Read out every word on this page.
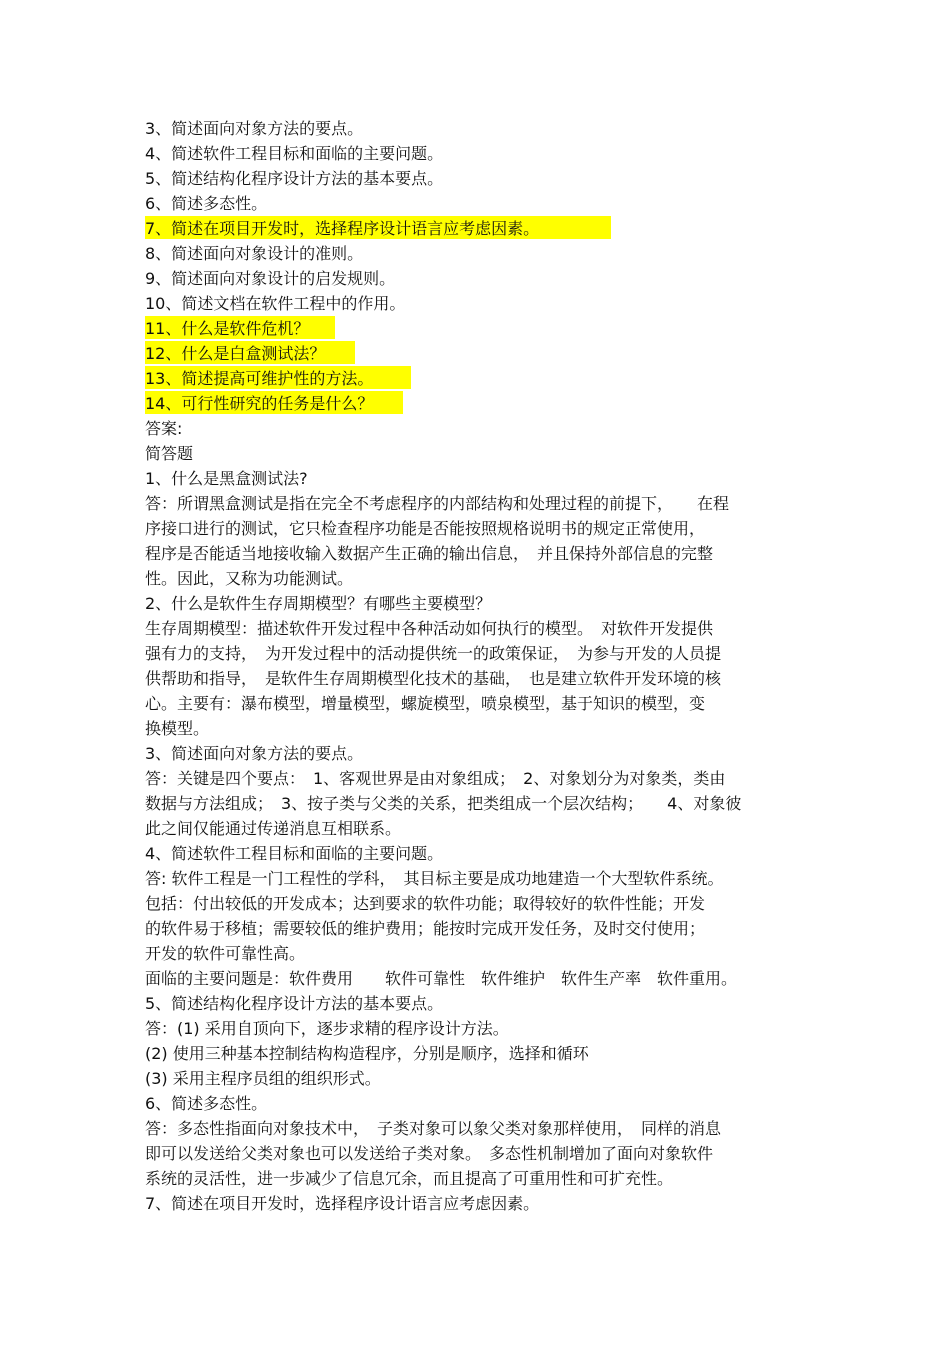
3、简述面向对象方法的要点。
4、简述软件工程目标和面临的主要问题。
5、简述结构化程序设计方法的基本要点。
6、简述多态性。
7、简述在项目开发时，选择程序设计语言应考虑因素。
8、简述面向对象设计的准则。
9、简述面向对象设计的启发规则。
10、简述文档在软件工程中的作用。
11、什么是软件危机？
12、什么是白盒测试法？
13、简述提高可维护性的方法。
14、可行性研究的任务是什么？
答案:
简答题
1、什么是黑盒测试法?
答：所谓黑盒测试是指在完全不考虑程序的内部结构和处理过程的前提下，　　在程
序接口进行的测试，它只检查程序功能是否能按照规格说明书的规定正常使用，
程序是否能适当地接收输入数据产生正确的输出信息，　并且保持外部信息的完整
性。因此，又称为功能测试。
2、什么是软件生存周期模型？有哪些主要模型？
生存周期模型：描述软件开发过程中各种活动如何执行的模型。　对软件开发提供
强有力的支持，　为开发过程中的活动提供统一的政策保证，　为参与开发的人员提
供帮助和指导，　是软件生存周期模型化技术的基础，　也是建立软件开发环境的核
心。主要有：瀑布模型，增量模型，螺旋模型，喷泉模型，基于知识的模型，变
换模型。
3、简述面向对象方法的要点。
答：关键是四个要点：　1、客观世界是由对象组成；　2、对象划分为对象类，类由
数据与方法组成；　3、按子类与父类的关系，把类组成一个层次结构；　　4、对象彼
此之间仅能通过传递消息互相联系。
4、简述软件工程目标和面临的主要问题。
答: 软件工程是一门工程性的学科，　其目标主要是成功地建造一个大型软件系统。
包括：付出较低的开发成本；达到要求的软件功能；取得较好的软件性能；开发
的软件易于移植；需要较低的维护费用；能按时完成开发任务，及时交付使用；
开发的软件可靠性高。
面临的主要问题是：软件费用　　软件可靠性　软件维护　软件生产率　软件重用。
5、简述结构化程序设计方法的基本要点。
答：(1) 采用自顶向下，逐步求精的程序设计方法。
(2) 使用三种基本控制结构构造程序，分别是顺序，选择和循环
(3) 采用主程序员组的组织形式。
6、简述多态性。
答：多态性指面向对象技术中，　子类对象可以象父类对象那样使用，　同样的消息
即可以发送给父类对象也可以发送给子类对象。　多态性机制增加了面向对象软件
系统的灵活性，进一步减少了信息冗余，而且提高了可重用性和可扩充性。
7、简述在项目开发时，选择程序设计语言应考虑因素。
